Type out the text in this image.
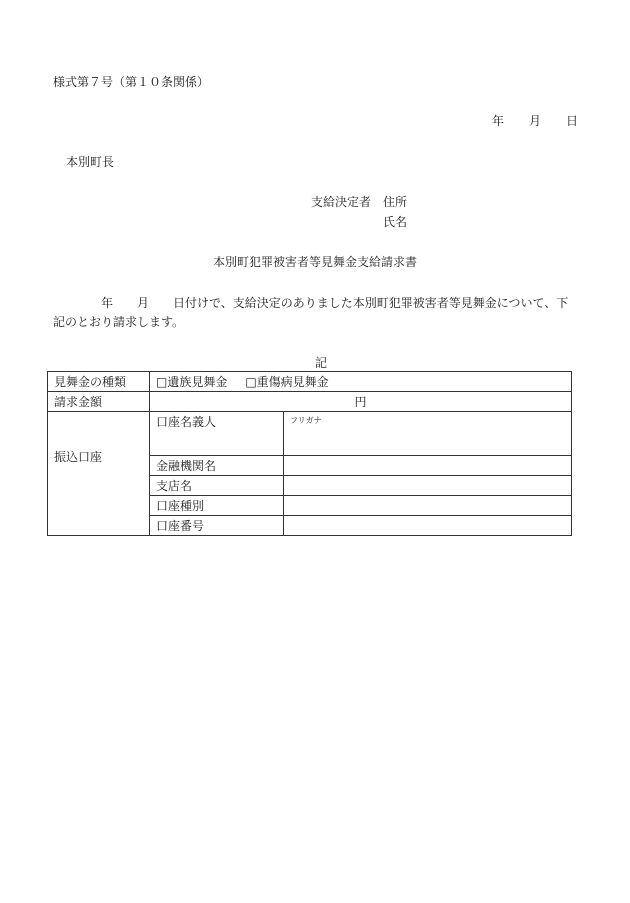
様式第７号（第１０条関係）
年 月 日
本別町長
支給決定者　住所
氏名
本別町犯罪被害者等見舞金支給請求書
年　　月　　日付けで、支給決定のありました本別町犯罪被害者等見舞金について、下記のとおり請求します。
記
見舞金の種類	□遺族見舞金 □重傷病見舞金	
請求金額	円	
振込口座	口座名義人	フリガナ

	金融機関名	
	支店名	
	口座種別	
	口座番号	
